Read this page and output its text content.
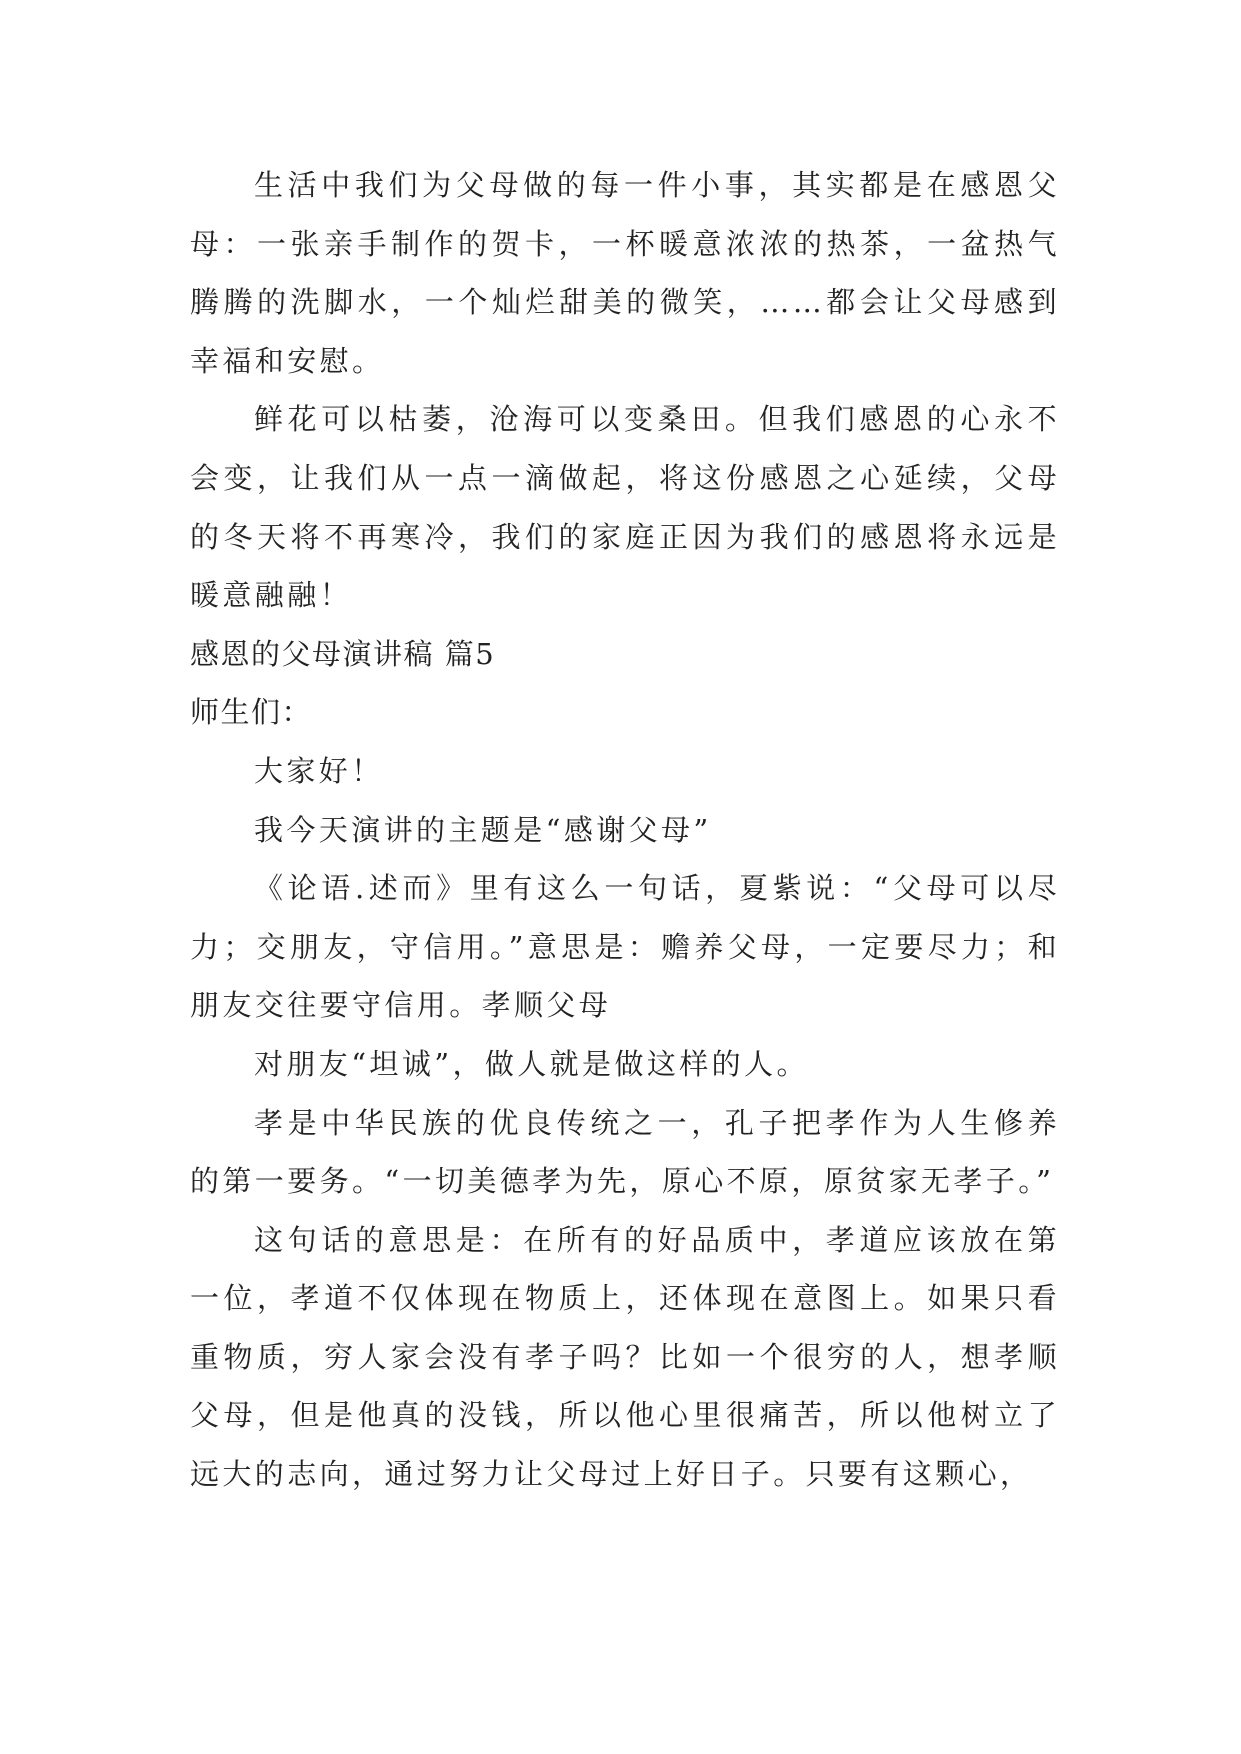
生活中我们为父母做的每一件小事，其实都是在感恩父母：一张亲手制作的贺卡，一杯暖意浓浓的热茶，一盆热气腾腾的洗脚水，一个灿烂甜美的微笑，……都会让父母感到幸福和安慰。

鲜花可以枯萎，沧海可以变桑田。但我们感恩的心永不会变，让我们从一点一滴做起，将这份感恩之心延续，父母的冬天将不再寒冷，我们的家庭正因为我们的感恩将永远是暖意融融！

感恩的父母演讲稿 篇5

师生们：

大家好！

我今天演讲的主题是“感谢父母”

《论语.述而》里有这么一句话，夏紫说：“父母可以尽力；交朋友，守信用。”意思是：赡养父母，一定要尽力；和朋友交往要守信用。孝顺父母

对朋友“坦诚”，做人就是做这样的人。

孝是中华民族的优良传统之一，孔子把孝作为人生修养的第一要务。“一切美德孝为先，原心不原，原贫家无孝子。”

这句话的意思是：在所有的好品质中，孝道应该放在第一位，孝道不仅体现在物质上，还体现在意图上。如果只看重物质，穷人家会没有孝子吗？比如一个很穷的人，想孝顺父母，但是他真的没钱，所以他心里很痛苦，所以他树立了远大的志向，通过努力让父母过上好日子。只要有这颗心，
